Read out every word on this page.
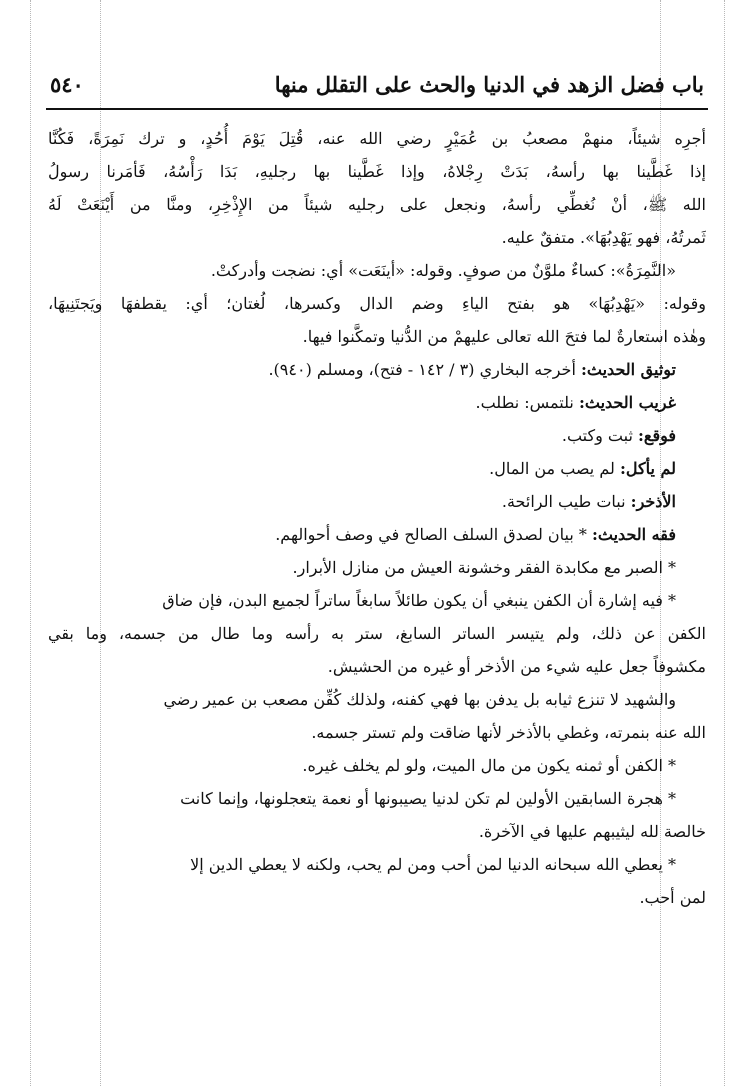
باب فضل الزهد في الدنيا والحث على التقلل منها
٥٤٠
أجرِه شيئاً، منهمْ مصعبُ بن عُمَيْرٍ رضي الله عنه، قُتِلَ يَوْمَ أُحُدٍ، و ترك نَمِرَةً، فَكُنَّا
إذا غَطَّينا بها رأسهُ، بَدَتْ رِجْلاهُ، وإذا غَطَّينا بها رجليهِ، بَدَا رَأْسُهُ، فَأمَرنا رسولُ
الله ﷺ، أنْ نُغطِّي رأسهُ، ونجعل على رجليه شيئاً من الإِذْخِرِ، ومنَّا من أَيْنَعَتْ لَهُ
ثَمرتُهُ، فهو يَهْدِبُهَا». متفقٌ عليه.
«النَّمِرَةُ»: كساءٌ ملوَّنٌ من صوفٍ. وقوله: «أينَعَت» أي: نضجت وأدركتْ.
وقوله: «يَهْدِبُهَا» هو بفتح الياءِ وضم الدال وكسرها، لُغتان؛ أي: يقطفهَا ويَجتَنِيهَا،
وهٰذه استعارةٌ لما فتحَ الله تعالى عليهمْ من الدُّنيا وتمكَّنوا فيها.
توثيق الحديث: أخرجه البخاري (٣ / ١٤٢ - فتح)، ومسلم (٩٤٠).
غريب الحديث: نلتمس: نطلب.
فوقع: ثبت وكتب.
لم يأكل: لم يصب من المال.
الأذخر: نبات طيب الرائحة.
فقه الحديث: * بيان لصدق السلف الصالح في وصف أحوالهم.
* الصبر مع مكابدة الفقر وخشونة العيش من منازل الأبرار.
* فيه إشارة أن الكفن ينبغي أن يكون طائلاً سابغاً ساتراً لجميع البدن، فإن ضاق
الكفن عن ذلك، ولم يتيسر الساتر السابغ، ستر به رأسه وما طال من جسمه، وما بقي
مكشوفاً جعل عليه شيء من الأذخر أو غيره من الحشيش.
والشهيد لا تنزع ثيابه بل يدفن بها فهي كفنه، ولذلك كُفِّن مصعب بن عمير رضي
الله عنه بنمرته، وغطي بالأذخر لأنها ضاقت ولم تستر جسمه.
* الكفن أو ثمنه يكون من مال الميت، ولو لم يخلف غيره.
* هجرة السابقين الأولين لم تكن لدنيا يصيبونها أو نعمة يتعجلونها، وإنما كانت
خالصة لله ليثيبهم عليها في الآخرة.
* يعطي الله سبحانه الدنيا لمن أحب ومن لم يحب، ولكنه لا يعطي الدين إلا
لمن أحب.
